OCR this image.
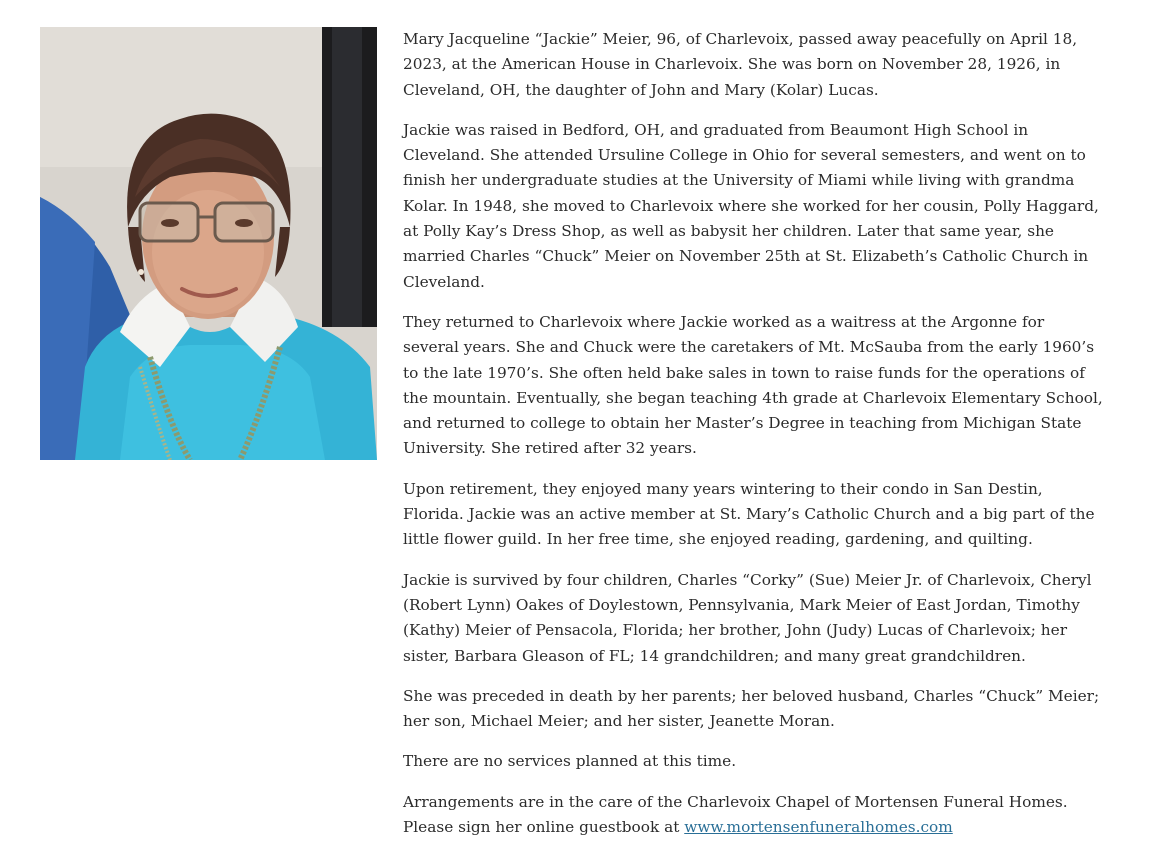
Mary Jacqueline “Jackie” Meier, 96, of Charlevoix, passed away peacefully on April 18, 2023, at the American House in Charlevoix. She was born on November 28, 1926, in Cleveland, OH, the daughter of John and Mary (Kolar) Lucas.

Jackie was raised in Bedford, OH, and graduated from Beaumont High School in Cleveland. She attended Ursuline College in Ohio for several semesters, and went on to finish her undergraduate studies at the University of Miami while living with grandma Kolar. In 1948, she moved to Charlevoix where she worked for her cousin, Polly Haggard, at Polly Kay’s Dress Shop, as well as babysit her children. Later that same year, she married Charles “Chuck” Meier on November 25th at St. Elizabeth’s Catholic Church in Cleveland.

They returned to Charlevoix where Jackie worked as a waitress at the Argonne for several years. She and Chuck were the caretakers of Mt. McSauba from the early 1960’s to the late 1970’s. She often held bake sales in town to raise funds for the operations of the mountain. Eventually, she began teaching 4th grade at Charlevoix Elementary School, and returned to college to obtain her Master’s Degree in teaching from Michigan State University. She retired after 32 years.

Upon retirement, they enjoyed many years wintering to their condo in San Destin, Florida. Jackie was an active member at St. Mary’s Catholic Church and a big part of the little flower guild. In her free time, she enjoyed reading, gardening, and quilting.

Jackie is survived by four children, Charles “Corky” (Sue) Meier Jr. of Charlevoix, Cheryl (Robert Lynn) Oakes of Doylestown, Pennsylvania, Mark Meier of East Jordan, Timothy (Kathy) Meier of Pensacola, Florida; her brother, John (Judy) Lucas of Charlevoix; her sister, Barbara Gleason of FL; 14 grandchildren; and many great grandchildren.

She was preceded in death by her parents; her beloved husband, Charles “Chuck” Meier; her son, Michael Meier; and her sister, Jeanette Moran.

There are no services planned at this time.

Arrangements are in the care of the Charlevoix Chapel of Mortensen Funeral Homes. Please sign her online guestbook at www.mortensenfuneralhomes.com
